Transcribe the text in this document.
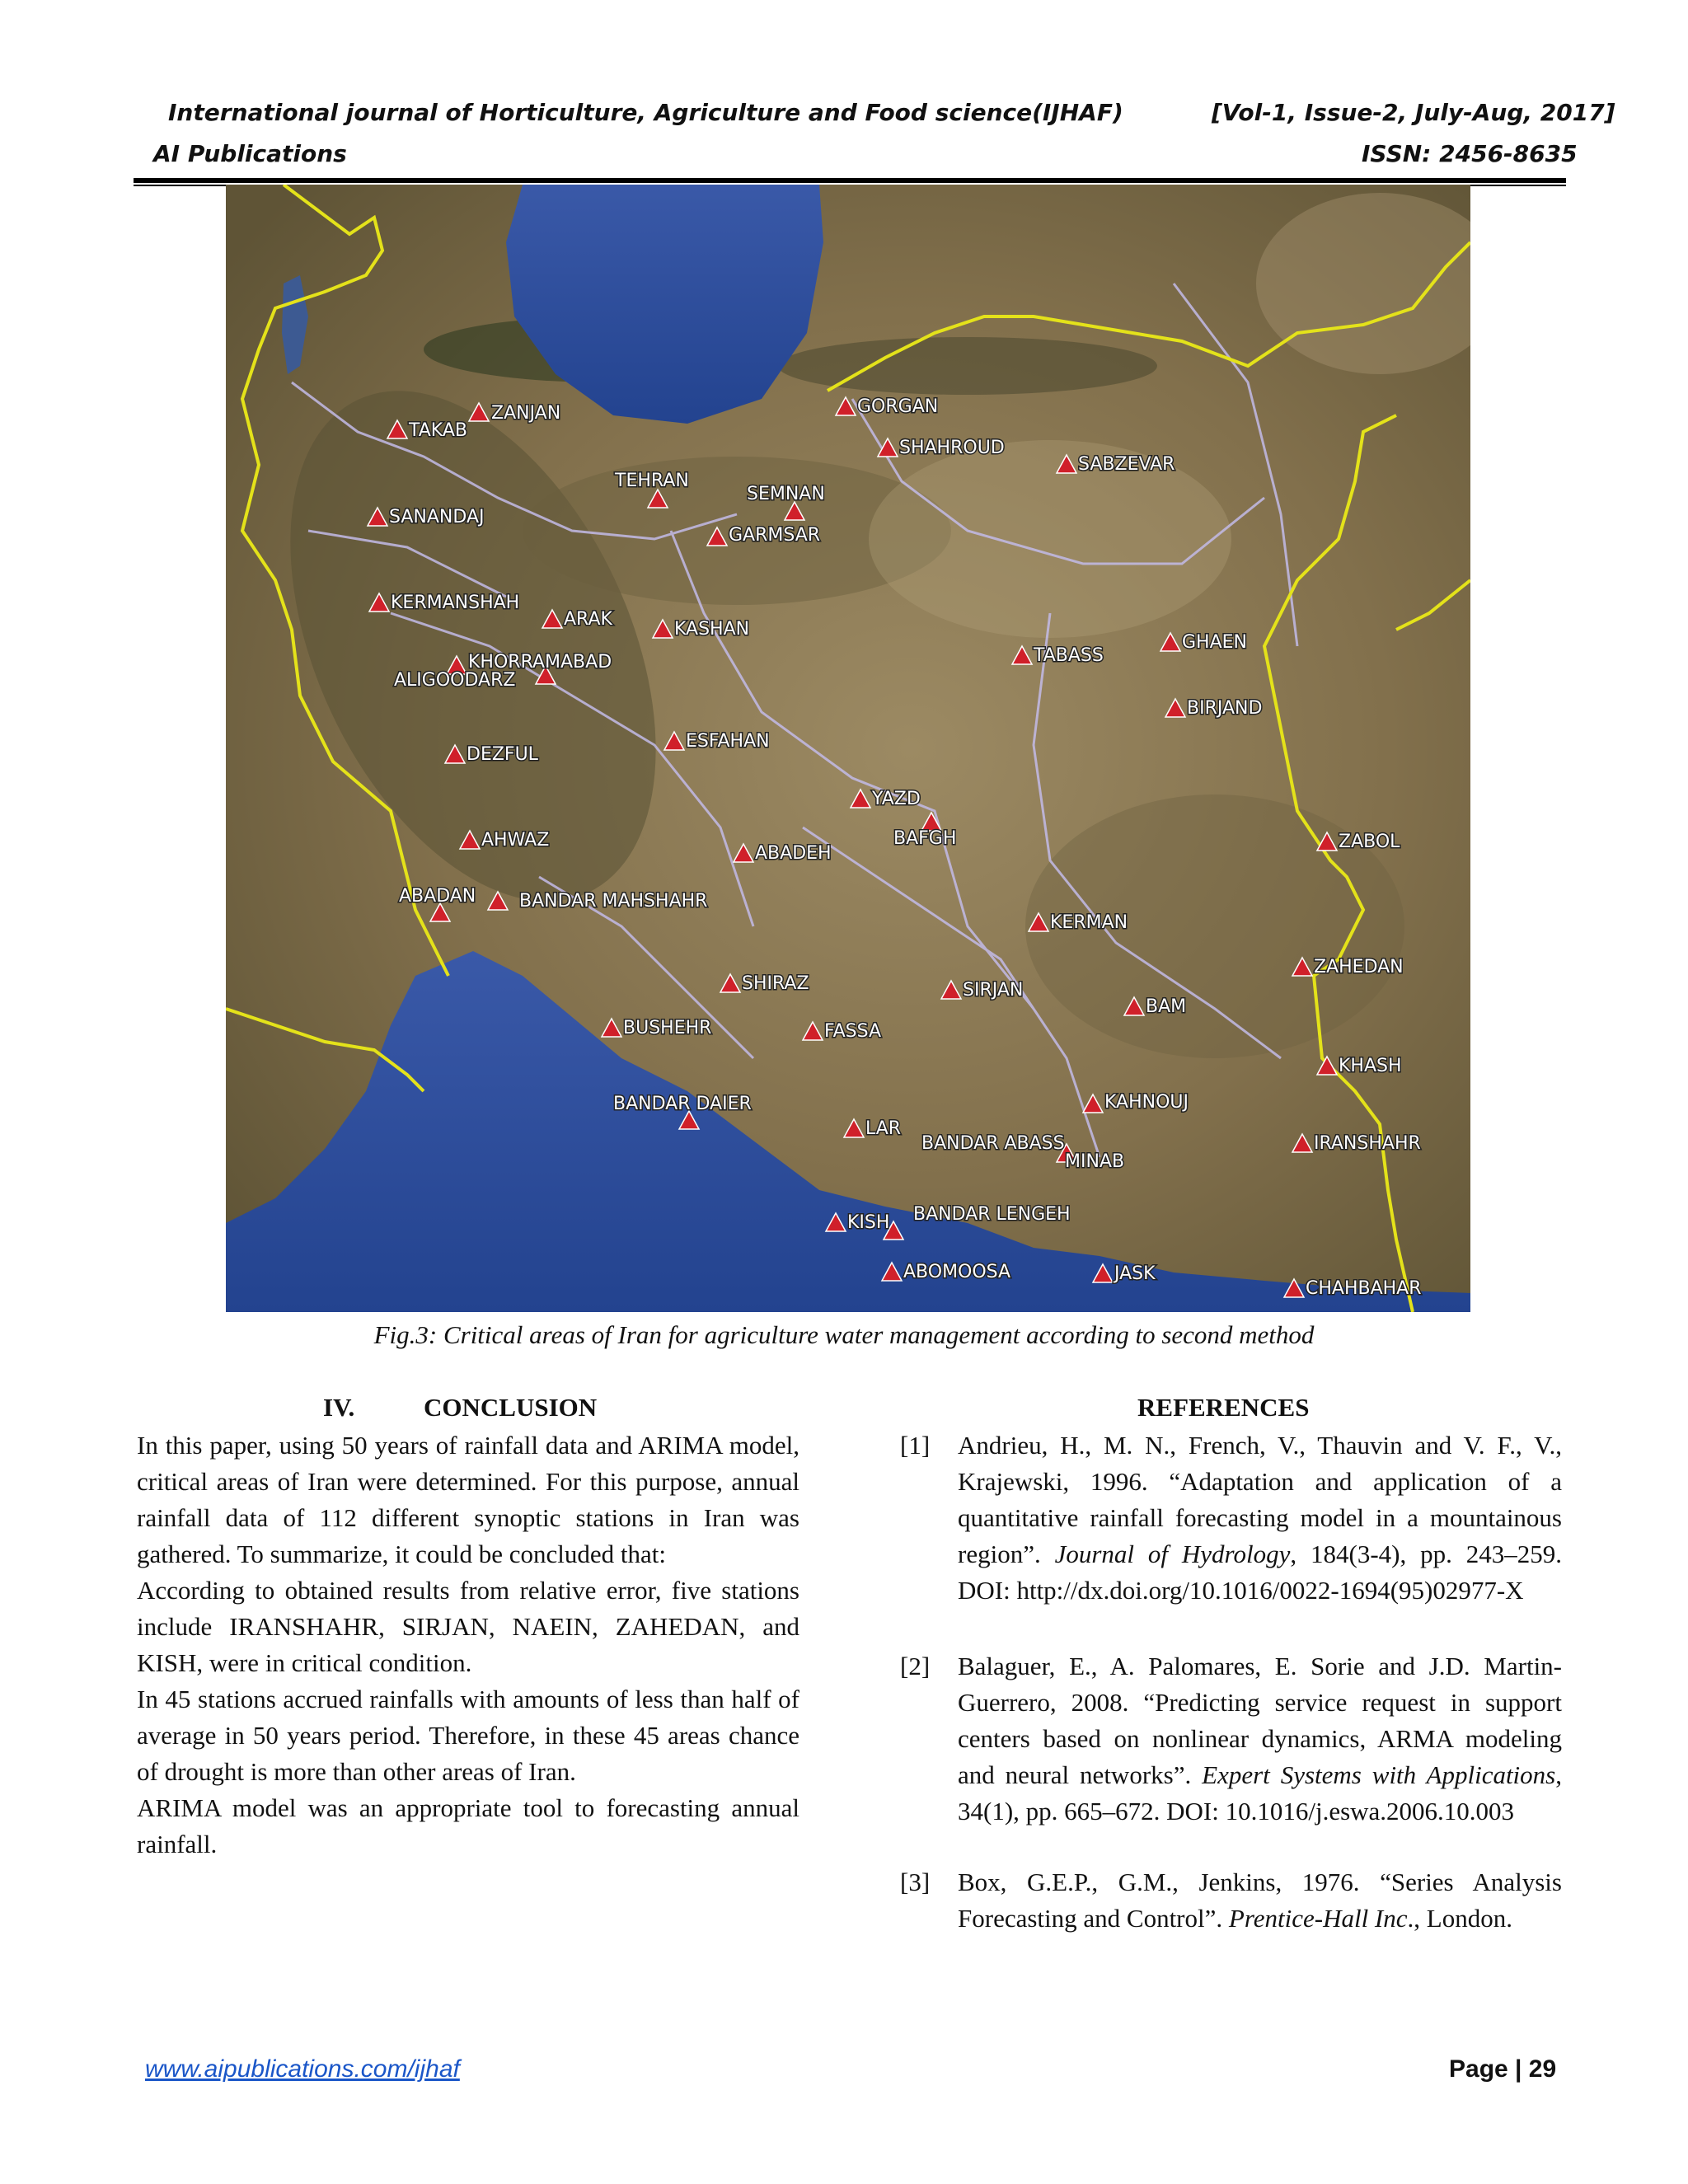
International journal of Horticulture, Agriculture and Food science(IJHAF)	[Vol-1, Issue-2, July-Aug, 2017]
AI Publications	ISSN: 2456-8635
TAKAB
ZANJAN	GORGAN
SHAHROUD
SABZEVAR
TEHRAN
SEMNAN
SANANDAJ
GARMSAR
KERMANSHAH
ARAK	KASHAN
KHORRAMABAD
ALIGOODARZ
TABASS
GHAEN
BIRJAND
DEZFUL
ESFAHAN
YAZD
BAFGH
AHWAZ
ABADEH
ZABOL
ABADAN BANDAR MAHSHAHR
KERMAN
ZAHEDAN
SHIRAZ	SIRJAN
BAM
BUSHEHR	FASSA
KHASH
KAHNOUJ
BANDAR DAIER
LAR
IRANSHAHR
BANDAR ABASS
MINAB
KISH BANDAR LENGEH
ABOMOOSA	JASK
CHAHBAHAR
Fig.3: Critical areas of Iran for agriculture water management according to second method
IV.	CONCLUSION

In this paper, using 50 years of rainfall data and ARIMA model, critical areas of Iran were determined. For this purpose, annual rainfall data of 112 different synoptic stations in Iran was gathered. To summarize, it could be concluded that:

According to obtained results from relative error, five stations include IRANSHAHR, SIRJAN, NAEIN, ZAHEDAN, and KISH, were in critical condition.

In 45 stations accrued rainfalls with amounts of less than half of average in 50 years period. Therefore, in these 45 areas chance of drought is more than other areas of Iran.

ARIMA model was an appropriate tool to forecasting annual rainfall.

REFERENCES
[1] Andrieu, H., M. N., French, V., Thauvin and V. F., V., Krajewski, 1996. “Adaptation and application of a quantitative rainfall forecasting model in a mountainous region”. Journal of Hydrology, 184(3-4), pp. 243–259. DOI: http://dx.doi.org/10.1016/0022-1694(95)02977-X
[2] Balaguer, E., A. Palomares, E. Sorie and J.D. Martin-Guerrero, 2008. “Predicting service request in support centers based on nonlinear dynamics, ARMA modeling and neural networks”. Expert Systems with Applications, 34(1), pp. 665–672. DOI: 10.1016/j.eswa.2006.10.003
[3] Box, G.E.P., G.M., Jenkins, 1976. “Series Analysis Forecasting and Control”. Prentice-Hall Inc., London.
www.aipublications.com/ijhaf	Page | 29
